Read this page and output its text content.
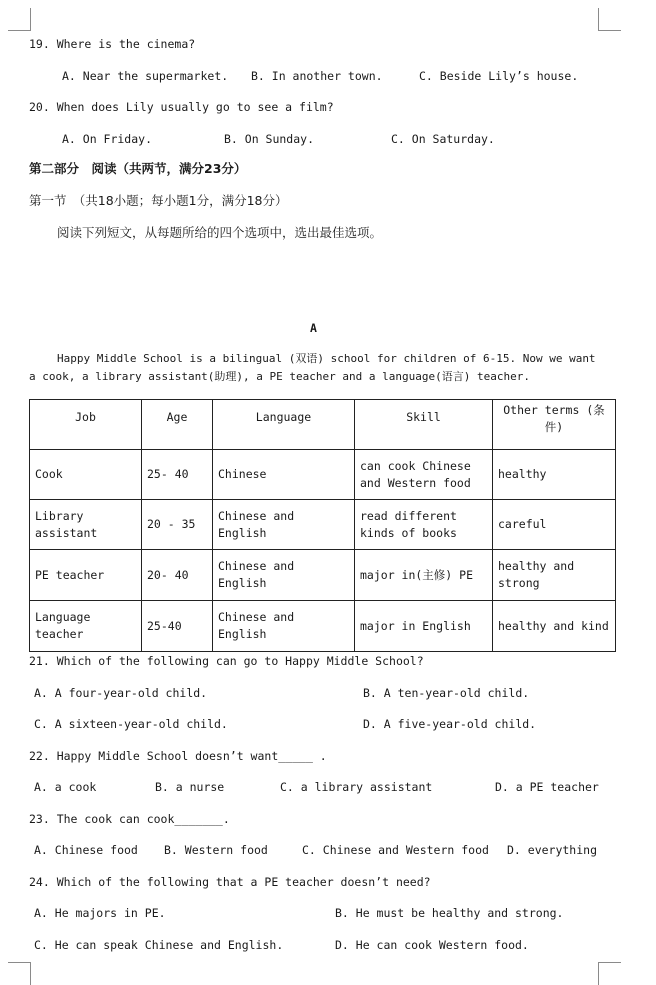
19. Where is the cinema?
A. Near the supermarket. B. In another town.	C. Beside Lily’s house.
20. When does Lily usually go to see a film?
A. On Friday.	B. On Sunday.	C. On Saturday.
第二部分　阅读（共两节，满分23分）
第一节　（共18小题；每小题1分，满分18分）
阅读下列短文，从每题所给的四个选项中，选出最佳选项。
A
Happy Middle School is a bilingual (双语) school for children of 6-15. Now we want
a cook, a library assistant(助理), a PE teacher and a language(语言) teacher.
Job	Age	Language	Skill	Other terms (条件)
Cook	25- 40	Chinese	can cook Chinese and Western food	healthy
Library assistant	20 - 35	Chinese and English	read different kinds of books	careful
PE teacher	20- 40	Chinese and English	major in(主修) PE	healthy and strong
Language teacher	25-40	Chinese and English	major in English	healthy and kind
21. Which of the following can go to Happy Middle School?
A. A four-year-old child.	B. A ten-year-old child.
C. A sixteen-year-old child.	D. A five-year-old child.
22. Happy Middle School doesn’t want_____ .
A. a cook	B. a nurse	C. a library assistant	D. a PE teacher
23. The cook can cook_______.
A. Chinese food B. Western food	C. Chinese and Western food D. everything
24. Which of the following that a PE teacher doesn’t need?
A. He majors in PE.	B. He must be healthy and strong.
C. He can speak Chinese and English.	D. He can cook Western food.
